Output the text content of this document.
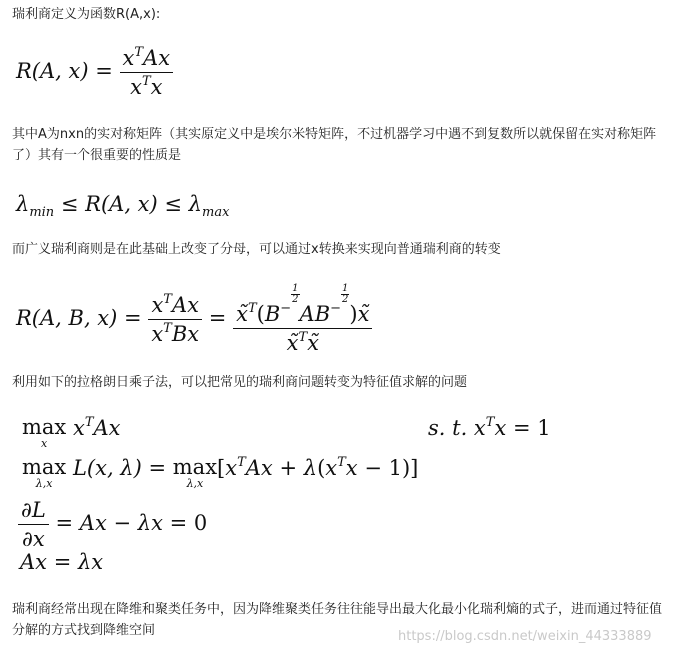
瑞利商定义为函数R(A,x):

R(A, $x) = \frac{x^TAx}{x^Tx}$

其中A为nxn的实对称矩阵（其实原定义中是埃尔米特矩阵，不过机器学习中遇不到复数所以就保留在实对称矩阵了）其有一个很重要的性质是

$\lambda_{min} \le R(A$, $x) \le \lambda_{max}$

而广义瑞利商则是在此基础上改变了分母，可以通过x转换来实现向普通瑞利商的转变

R(A, B, $x) = \frac{x^TAx}{x^TBx}$ = $x̃^T(B^{- \frac{1}{2}}$
$AB^{- \frac{1}{2}}$
)x̃
x̃$^T$x̃

利用如下的拉格朗日乘子法，可以把常见的瑞利商问题转变为特征值求解的问题

max
x
$x^TAx$	s. t. $x^Tx = 1$
max
λ,x
L(x, λ) = max
λ,x
$[x^TAx + \lambda(x^Tx - 1)]$
$\frac{\partial L}{\partial x} = Ax - \lambda x = 0$
Ax = λx

瑞利商经常出现在降维和聚类任务中，因为降维聚类任务往往能导出最大化最小化瑞利熵的式子，进而通过特征值分解的方式找到降维空间	https://blog.csdn.net/weixin_44333889
